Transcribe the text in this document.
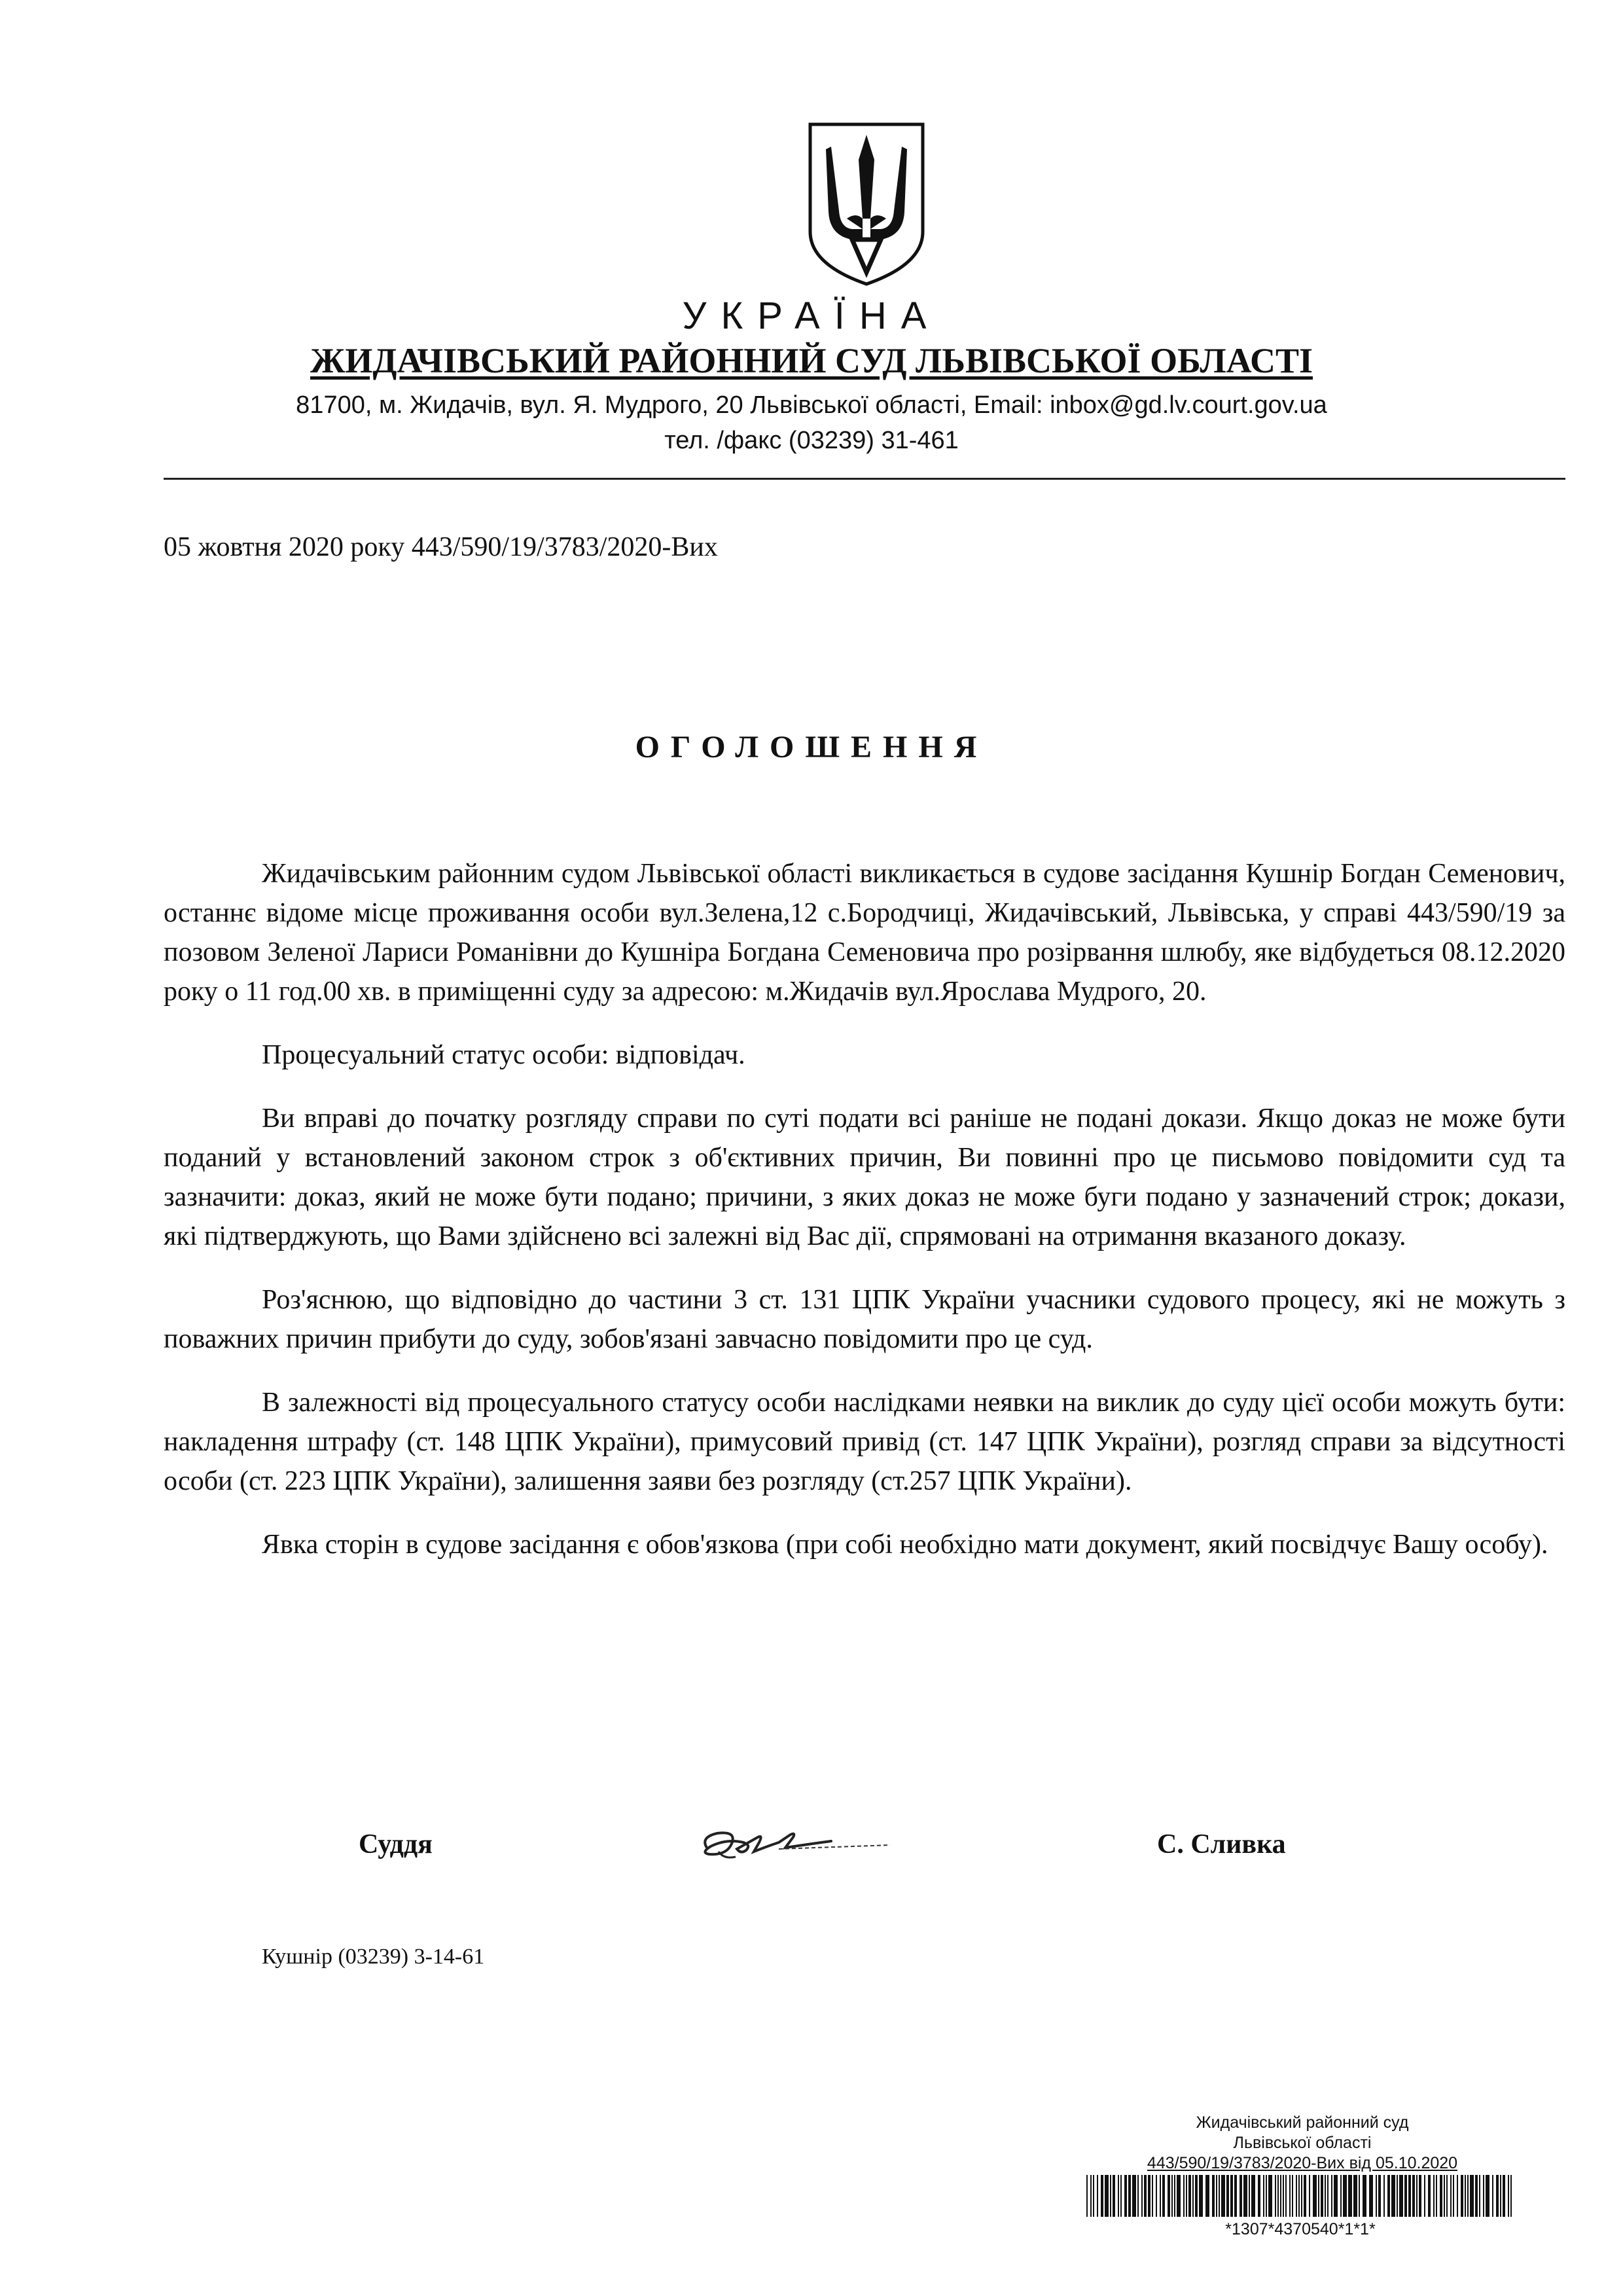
УКРАЇНА
ЖИДАЧІВСЬКИЙ РАЙОННИЙ СУД ЛЬВІВСЬКОЇ ОБЛАСТІ
81700, м. Жидачів, вул. Я. Мудрого, 20 Львівської області, Email: inbox@gd.lv.court.gov.ua
тел. /факс (03239) 31-461
05 жовтня 2020 року 443/590/19/3783/2020-Вих
ОГОЛОШЕННЯ

Жидачівським районним судом Львівської області викликається в судове засідання Кушнір Богдан Семенович, останнє відоме місце проживання особи вул.Зелена,12 с.Бородчиці, Жидачівський, Львівська, у справі 443/590/19 за позовом Зеленої Лариси Романівни до Кушніра Богдана Семеновича про розірвання шлюбу, яке відбудеться 08.12.2020 року о 11 год.00 хв. в приміщенні суду за адресою: м.Жидачів вул.Ярослава Мудрого, 20.

Процесуальний статус особи: відповідач.

Ви вправі до початку розгляду справи по суті подати всі раніше не подані докази. Якщо доказ не може бути поданий у встановлений законом строк з об'єктивних причин, Ви повинні про це письмово повідомити суд та зазначити: доказ, який не може бути подано; причини, з яких доказ не може буги подано у зазначений строк; докази, які підтверджують, що Вами здійснено всі залежні від Вас дії, спрямовані на отримання вказаного доказу.

Роз'яснюю, що відповідно до частини 3 ст. 131 ЦПК України учасники судового процесу, які не можуть з поважних причин прибути до суду, зобов'язані завчасно повідомити про це суд.

В залежності від процесуального статусу особи наслідками неявки на виклик до суду цієї особи можуть бути: накладення штрафу (ст. 148 ЦПК України), примусовий привід (ст. 147 ЦПК України), розгляд справи за відсутності особи (ст. 223 ЦПК України), залишення заяви без розгляду (ст.257 ЦПК України).

Явка сторін в судове засідання є обов'язкова (при собі необхідно мати документ, який посвідчує Вашу особу).

Суддя	С. Сливка
Кушнір (03239) 3-14-61
Жидачівський районний суд
Львівської області
443/590/19/3783/2020-Вих від 05.10.2020
*1307*4370540*1*1*
